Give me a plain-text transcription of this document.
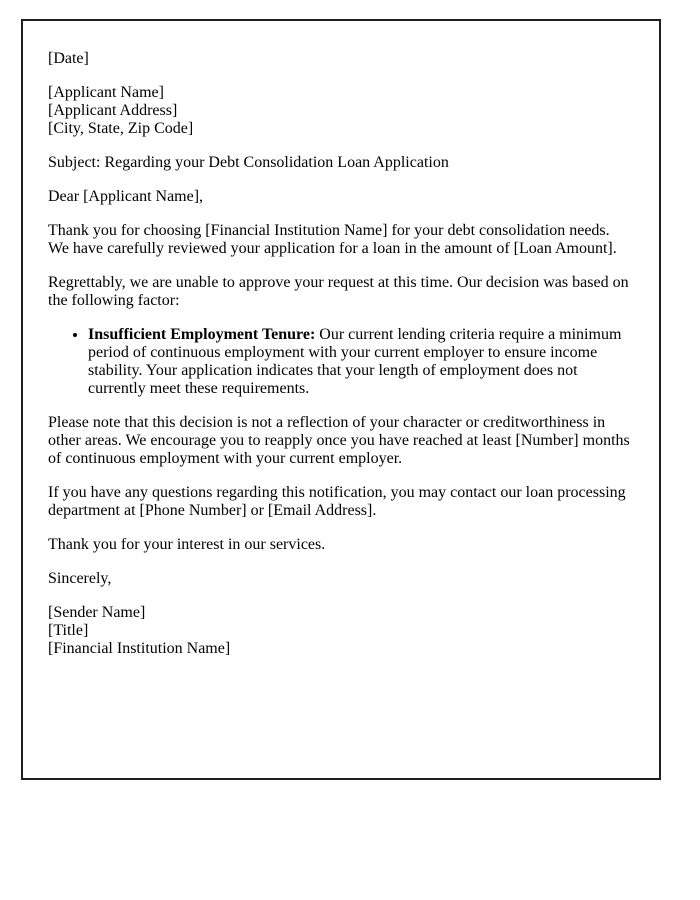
[Date]

[Applicant Name]
[Applicant Address]
[City, State, Zip Code]

Subject: Regarding your Debt Consolidation Loan Application

Dear [Applicant Name],

Thank you for choosing [Financial Institution Name] for your debt consolidation needs. We have carefully reviewed your application for a loan in the amount of [Loan Amount].

Regrettably, we are unable to approve your request at this time. Our decision was based on the following factor:

• Insufficient Employment Tenure: Our current lending criteria require a minimum period of continuous employment with your current employer to ensure income stability. Your application indicates that your length of employment does not currently meet these requirements.

Please note that this decision is not a reflection of your character or creditworthiness in other areas. We encourage you to reapply once you have reached at least [Number] months of continuous employment with your current employer.

If you have any questions regarding this notification, you may contact our loan processing department at [Phone Number] or [Email Address].

Thank you for your interest in our services.

Sincerely,

[Sender Name]
[Title]
[Financial Institution Name]
